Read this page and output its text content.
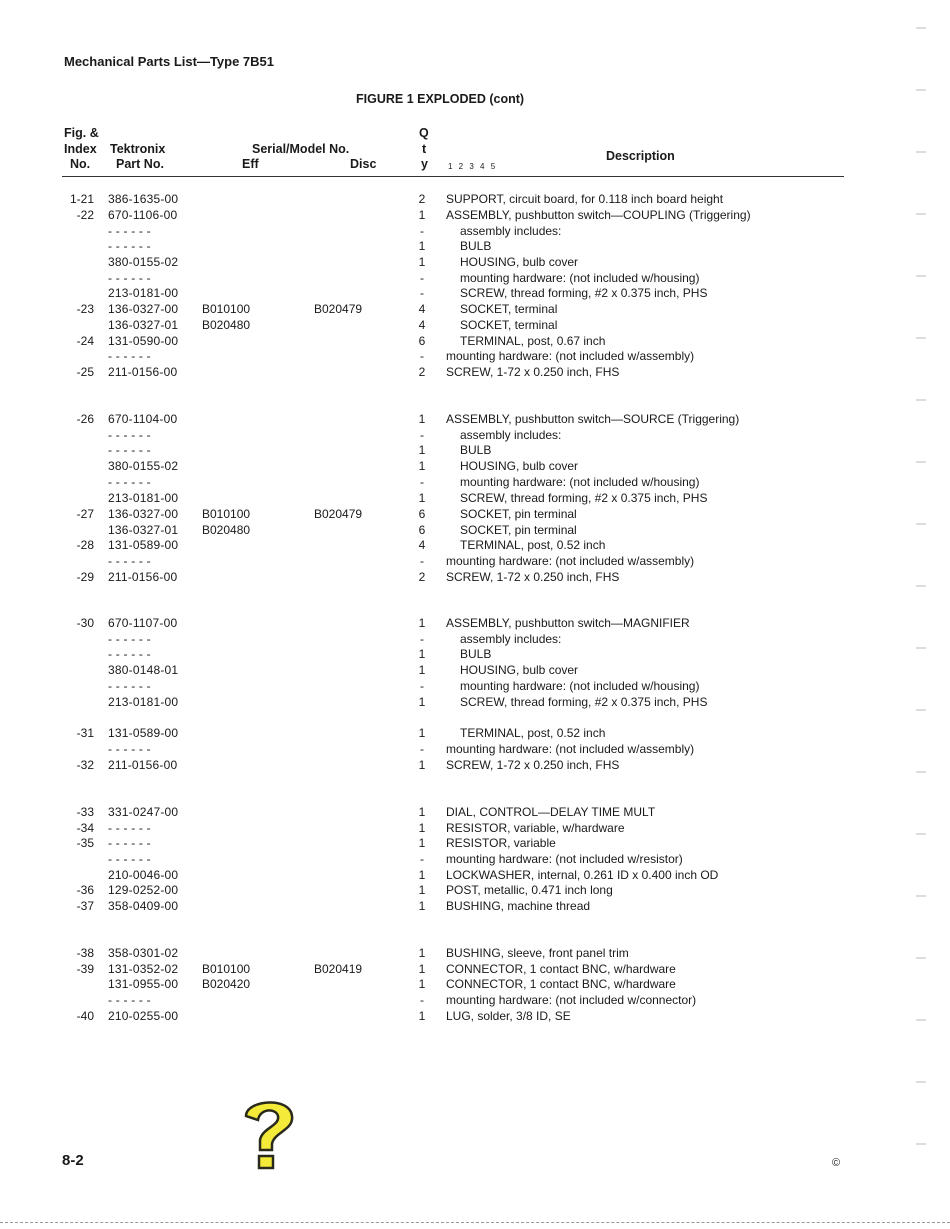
Mechanical Parts List—Type 7B51
FIGURE 1 EXPLODED (cont)
Fig. &
Index
No.
Tektronix
Part No.
Serial/Model No.
Eff	Disc
Q
t
y	1 2 3 4 5
Description
1-21 386-1635-00	2	SUPPORT, circuit board, for 0.118 inch board height
-22 670-1106-00	1	ASSEMBLY, pushbutton switch—COUPLING (Triggering)
- - - - - -	-	assembly includes:
- - - - - -	1	BULB
380-0155-02	1	HOUSING, bulb cover
- - - - - -	-	mounting hardware: (not included w/housing)
213-0181-00	-	SCREW, thread forming, #2 x 0.375 inch, PHS
-23 136-0327-00 B010100	B020479	4	SOCKET, terminal
136-0327-01 B020480	4	SOCKET, terminal
-24 131-0590-00	6	TERMINAL, post, 0.67 inch
- - - - - -	-	mounting hardware: (not included w/assembly)
-25 211-0156-00	2	SCREW, 1-72 x 0.250 inch, FHS
-26 670-1104-00	1	ASSEMBLY, pushbutton switch—SOURCE (Triggering)
- - - - - -	-	assembly includes:
- - - - - -	1	BULB
380-0155-02	1	HOUSING, bulb cover
- - - - - -	-	mounting hardware: (not included w/housing)
213-0181-00	1	SCREW, thread forming, #2 x 0.375 inch, PHS
-27 136-0327-00 B010100	B020479	6	SOCKET, pin terminal
136-0327-01 B020480	6	SOCKET, pin terminal
-28 131-0589-00	4	TERMINAL, post, 0.52 inch
- - - - - -	-	mounting hardware: (not included w/assembly)
-29 211-0156-00	2	SCREW, 1-72 x 0.250 inch, FHS
-30 670-1107-00	1	ASSEMBLY, pushbutton switch—MAGNIFIER
- - - - - -	-	assembly includes:
- - - - - -	1	BULB
380-0148-01	1	HOUSING, bulb cover
- - - - - -	-	mounting hardware: (not included w/housing)
213-0181-00	1	SCREW, thread forming, #2 x 0.375 inch, PHS
-31 131-0589-00	1	TERMINAL, post, 0.52 inch
- - - - - -	-	mounting hardware: (not included w/assembly)
-32 211-0156-00	1	SCREW, 1-72 x 0.250 inch, FHS
-33 331-0247-00	1	DIAL, CONTROL—DELAY TIME MULT
-34 - - - - - -	1	RESISTOR, variable, w/hardware
-35 - - - - - -	1	RESISTOR, variable
- - - - - -	-	mounting hardware: (not included w/resistor)
210-0046-00	1	LOCKWASHER, internal, 0.261 ID x 0.400 inch OD
-36 129-0252-00	1	POST, metallic, 0.471 inch long
-37 358-0409-00	1	BUSHING, machine thread
-38 358-0301-02	1	BUSHING, sleeve, front panel trim
-39 131-0352-02 B010100	B020419	1	CONNECTOR, 1 contact BNC, w/hardware
131-0955-00 B020420	1	CONNECTOR, 1 contact BNC, w/hardware
- - - - - -	-	mounting hardware: (not included w/connector)
-40 210-0255-00	1	LUG, solder, 3/8 ID, SE
8-2	©
